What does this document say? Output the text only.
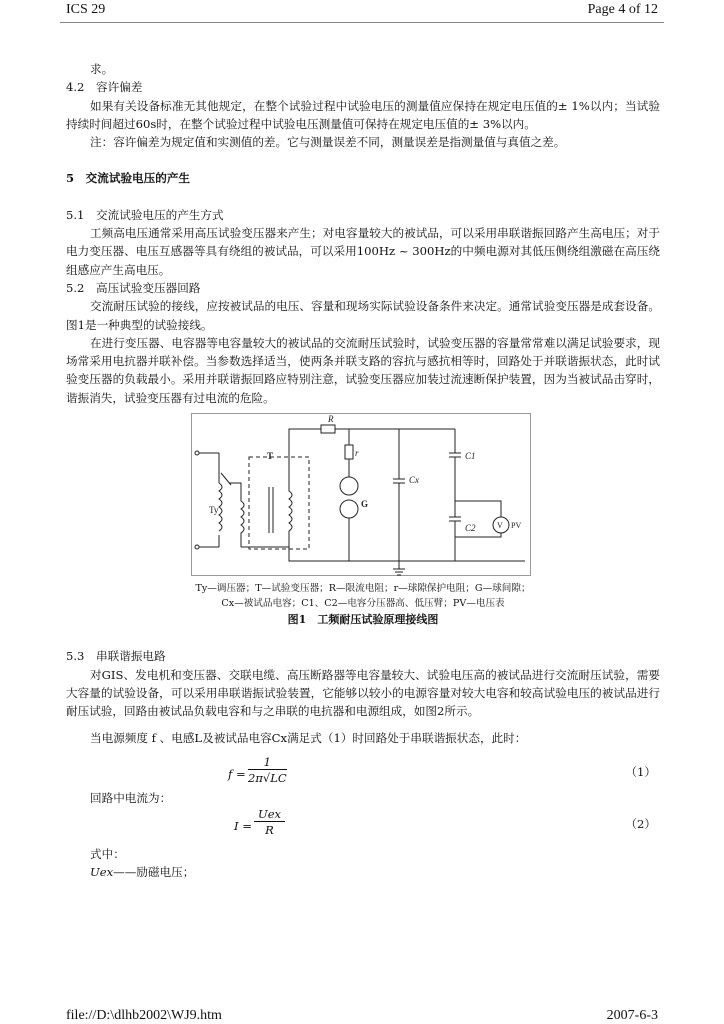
ICS 29	Page 4 of 12

求。

4.2　容许偏差

如果有关设备标准无其他规定，在整个试验过程中试验电压的测量值应保持在规定电压值的± 1%以内；当试验持续时间超过60s时，在整个试验过程中试验电压测量值可保持在规定电压值的± 3%以内。

注：容许偏差为规定值和实测值的差。它与测量误差不同，测量误差是指测量值与真值之差。

5　交流试验电压的产生

5.1　交流试验电压的产生方式

工频高电压通常采用高压试验变压器来产生；对电容量较大的被试品，可以采用串联谐振回路产生高电压；对于电力变压器、电压互感器等具有绕组的被试品，可以采用100Hz ~ 300Hz的中频电源对其低压侧绕组激磁在高压绕组感应产生高电压。

5.2　高压试验变压器回路

交流耐压试验的接线，应按被试品的电压、容量和现场实际试验设备条件来决定。通常试验变压器是成套设备。图1是一种典型的试验接线。

在进行变压器、电容器等电容量较大的被试品的交流耐压试验时，试验变压器的容量常常难以满足试验要求，现场常采用电抗器并联补偿。当参数选择适当，使两条并联支路的容抗与感抗相等时，回路处于并联谐振状态，此时试验变压器的负载最小。采用并联谐振回路应特别注意，试验变压器应加装过流速断保护装置，因为当被试品击穿时，谐振消失，试验变压器有过电流的危险。

Ty
T
R
r
G
Cx
C1
C2	V PV

Ty—调压器；T—试验变压器；R—限流电阻；r—球隙保护电阻；G—球间隙；

Cx—被试品电容；C1、C2—电容分压器高、低压臂；PV—电压表

图1　工频耐压试验原理接线图

5.3　串联谐振电路

对GIS、发电机和变压器、交联电缆、高压断路器等电容量较大、试验电压高的被试品进行交流耐压试验，需要大容量的试验设备，可以采用串联谐振试验装置，它能够以较小的电源容量对较大电容和较高试验电压的被试品进行耐压试验，回路由被试品负载电容和与之串联的电抗器和电源组成，如图2所示。

当电源频度 f 、电感L及被试品电容Cx满足式（1）时回路处于串联谐振状态，此时：

$f = \frac{1}{2\pi√LC}$	（1）

回路中电流为：

I =
Uex
R	（2）

式中：

Uex——励磁电压；

file://D:\dlhb2002\WJ9.htm	2007-6-3
